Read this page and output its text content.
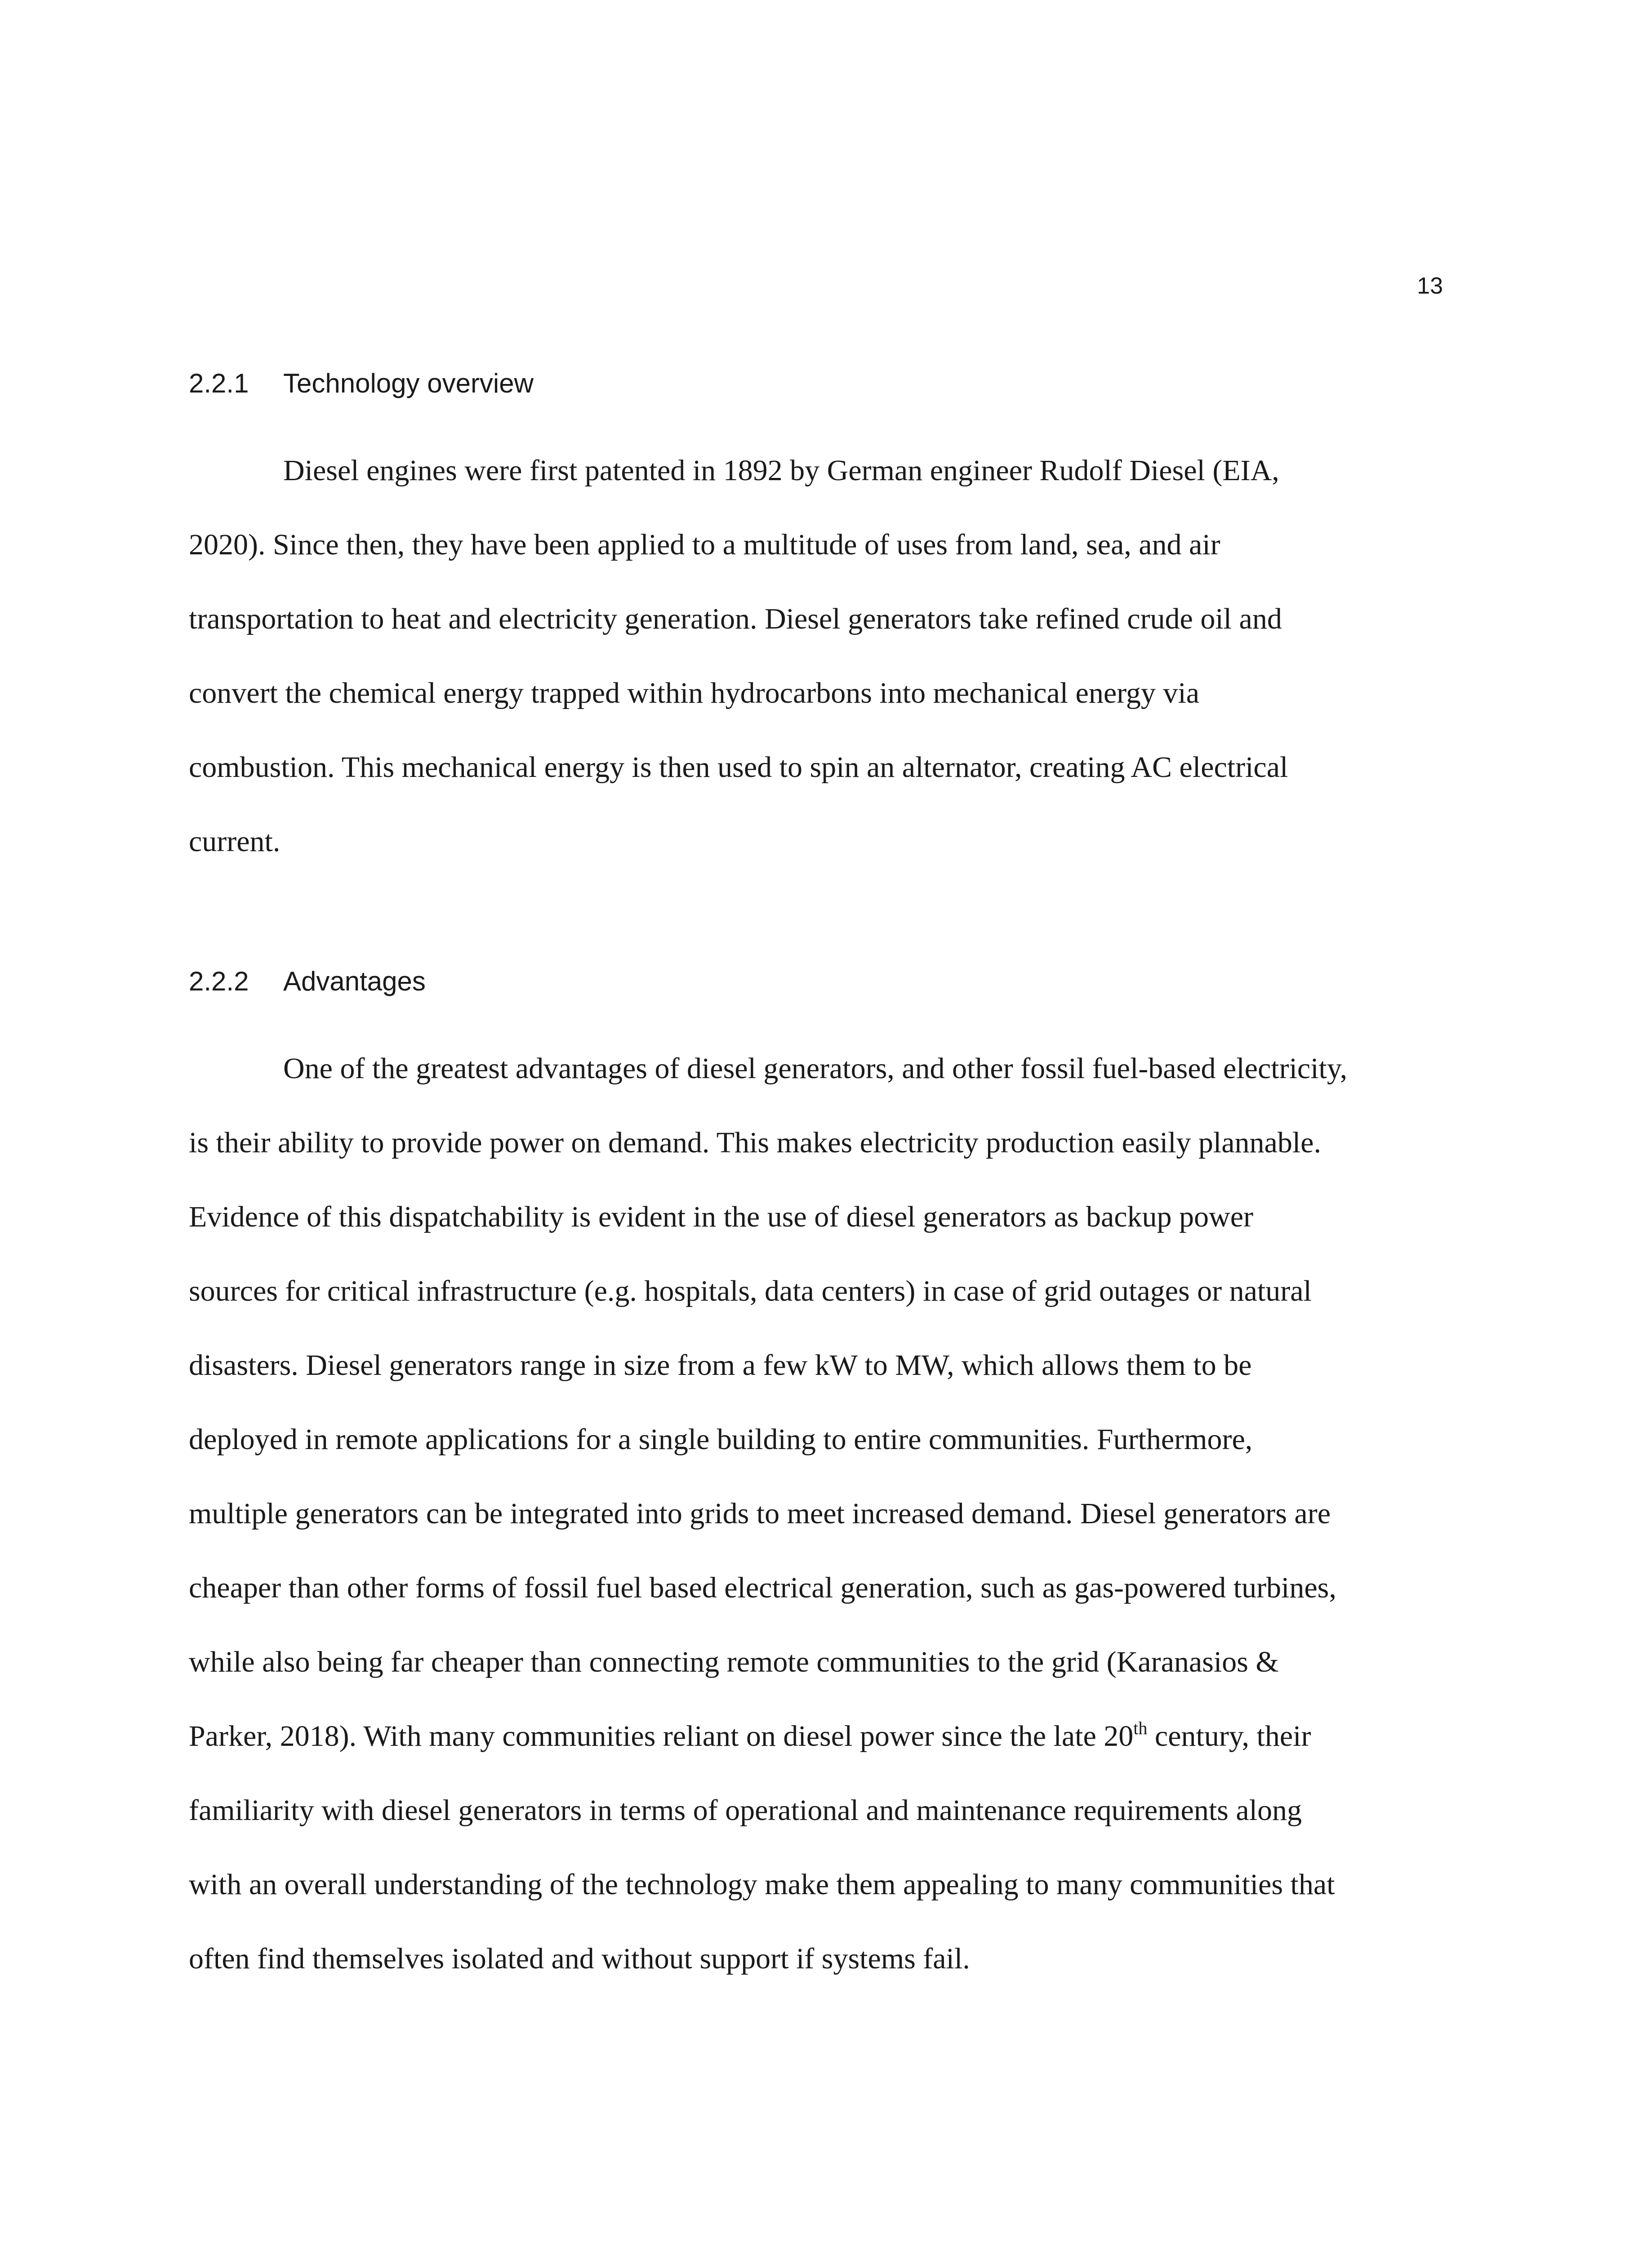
13
2.2.1 Technology overview
Diesel engines were first patented in 1892 by German engineer Rudolf Diesel (EIA,
2020). Since then, they have been applied to a multitude of uses from land, sea, and air
transportation to heat and electricity generation. Diesel generators take refined crude oil and
convert the chemical energy trapped within hydrocarbons into mechanical energy via
combustion. This mechanical energy is then used to spin an alternator, creating AC electrical
current.
2.2.2 Advantages
One of the greatest advantages of diesel generators, and other fossil fuel-based electricity,
is their ability to provide power on demand. This makes electricity production easily plannable.
Evidence of this dispatchability is evident in the use of diesel generators as backup power
sources for critical infrastructure (e.g. hospitals, data centers) in case of grid outages or natural
disasters. Diesel generators range in size from a few kW to MW, which allows them to be
deployed in remote applications for a single building to entire communities. Furthermore,
multiple generators can be integrated into grids to meet increased demand. Diesel generators are
cheaper than other forms of fossil fuel based electrical generation, such as gas-powered turbines,
while also being far cheaper than connecting remote communities to the grid (Karanasios &
Parker, 2018). With many communities reliant on diesel power since the late 20th century, their
familiarity with diesel generators in terms of operational and maintenance requirements along
with an overall understanding of the technology make them appealing to many communities that
often find themselves isolated and without support if systems fail.
